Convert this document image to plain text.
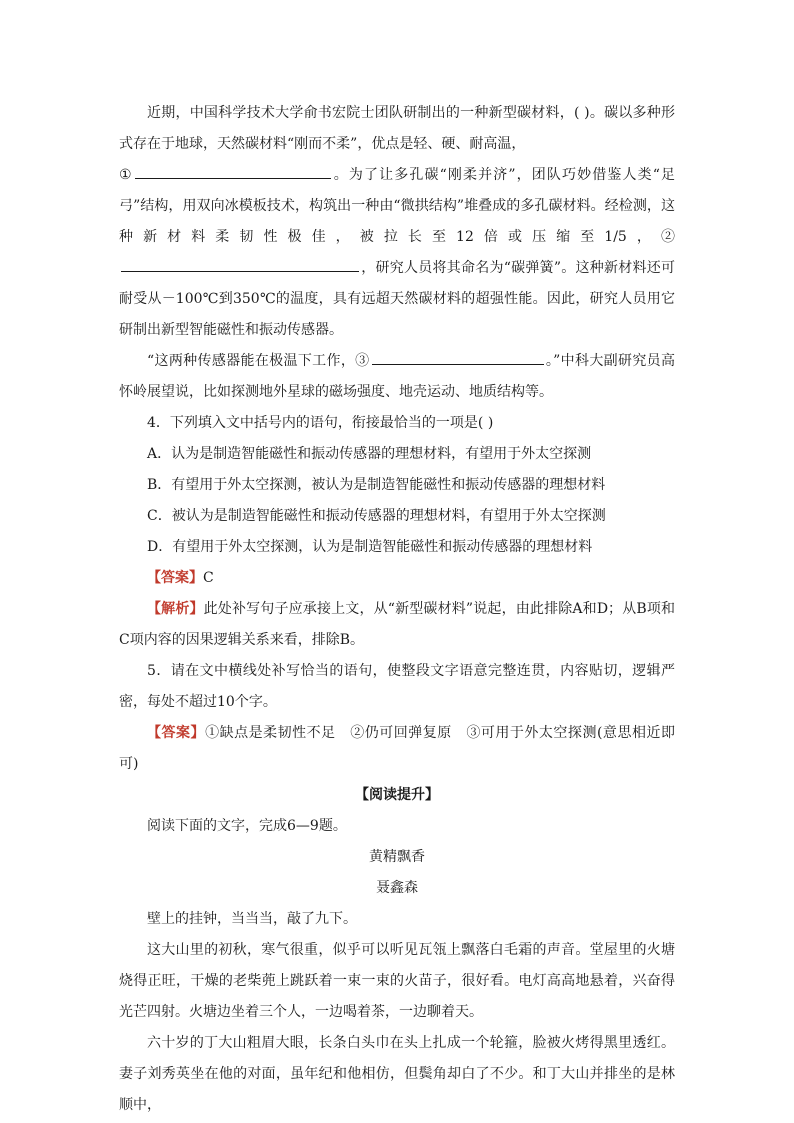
近期，中国科学技术大学俞书宏院士团队研制出的一种新型碳材料，( )。碳以多种形式存在于地球，天然碳材料“刚而不柔”，优点是轻、硬、耐高温，
①	。为了让多孔碳“刚柔并济”，团队巧妙借鉴人类“足弓”结构，用双向冰模板技术，构筑出一种由“微拱结构”堆叠成的多孔碳材料。经检测，这种新材料柔韧性极佳，被拉长至12倍或压缩至1/5，②，研究人员将其命名为“碳弹簧”。这种新材料还可耐受从－100℃到350℃的温度，具有远超天然碳材料的超强性能。因此，研究人员用它研制出新型智能磁性和振动传感器。

“这两种传感器能在极温下工作，③	。”中科大副研究员高怀岭展望说，比如探测地外星球的磁场强度、地壳运动、地质结构等。

4．下列填入文中括号内的语句，衔接最恰当的一项是( )

A．认为是制造智能磁性和振动传感器的理想材料，有望用于外太空探测

B．有望用于外太空探测，被认为是制造智能磁性和振动传感器的理想材料

C．被认为是制造智能磁性和振动传感器的理想材料，有望用于外太空探测

D．有望用于外太空探测，认为是制造智能磁性和振动传感器的理想材料

【答案】C

【解析】此处补写句子应承接上文，从“新型碳材料”说起，由此排除A和D；从B项和C项内容的因果逻辑关系来看，排除B。

5．请在文中横线处补写恰当的语句，使整段文字语意完整连贯，内容贴切，逻辑严密，每处不超过10个字。

【答案】①缺点是柔韧性不足　②仍可回弹复原　③可用于外太空探测(意思相近即可)

【阅读提升】

阅读下面的文字，完成6—9题。

黄精飘香

聂鑫森

壁上的挂钟，当当当，敲了九下。

这大山里的初秋，寒气很重，似乎可以听见瓦瓴上飘落白毛霜的声音。堂屋里的火塘烧得正旺，干燥的老柴蔸上跳跃着一束一束的火苗子，很好看。电灯高高地悬着，兴奋得光芒四射。火塘边坐着三个人，一边喝着茶，一边聊着天。

六十岁的丁大山粗眉大眼，长条白头巾在头上扎成一个轮箍，脸被火烤得黑里透红。妻子刘秀英坐在他的对面，虽年纪和他相仿，但鬓角却白了不少。和丁大山并排坐的是林顺中，
